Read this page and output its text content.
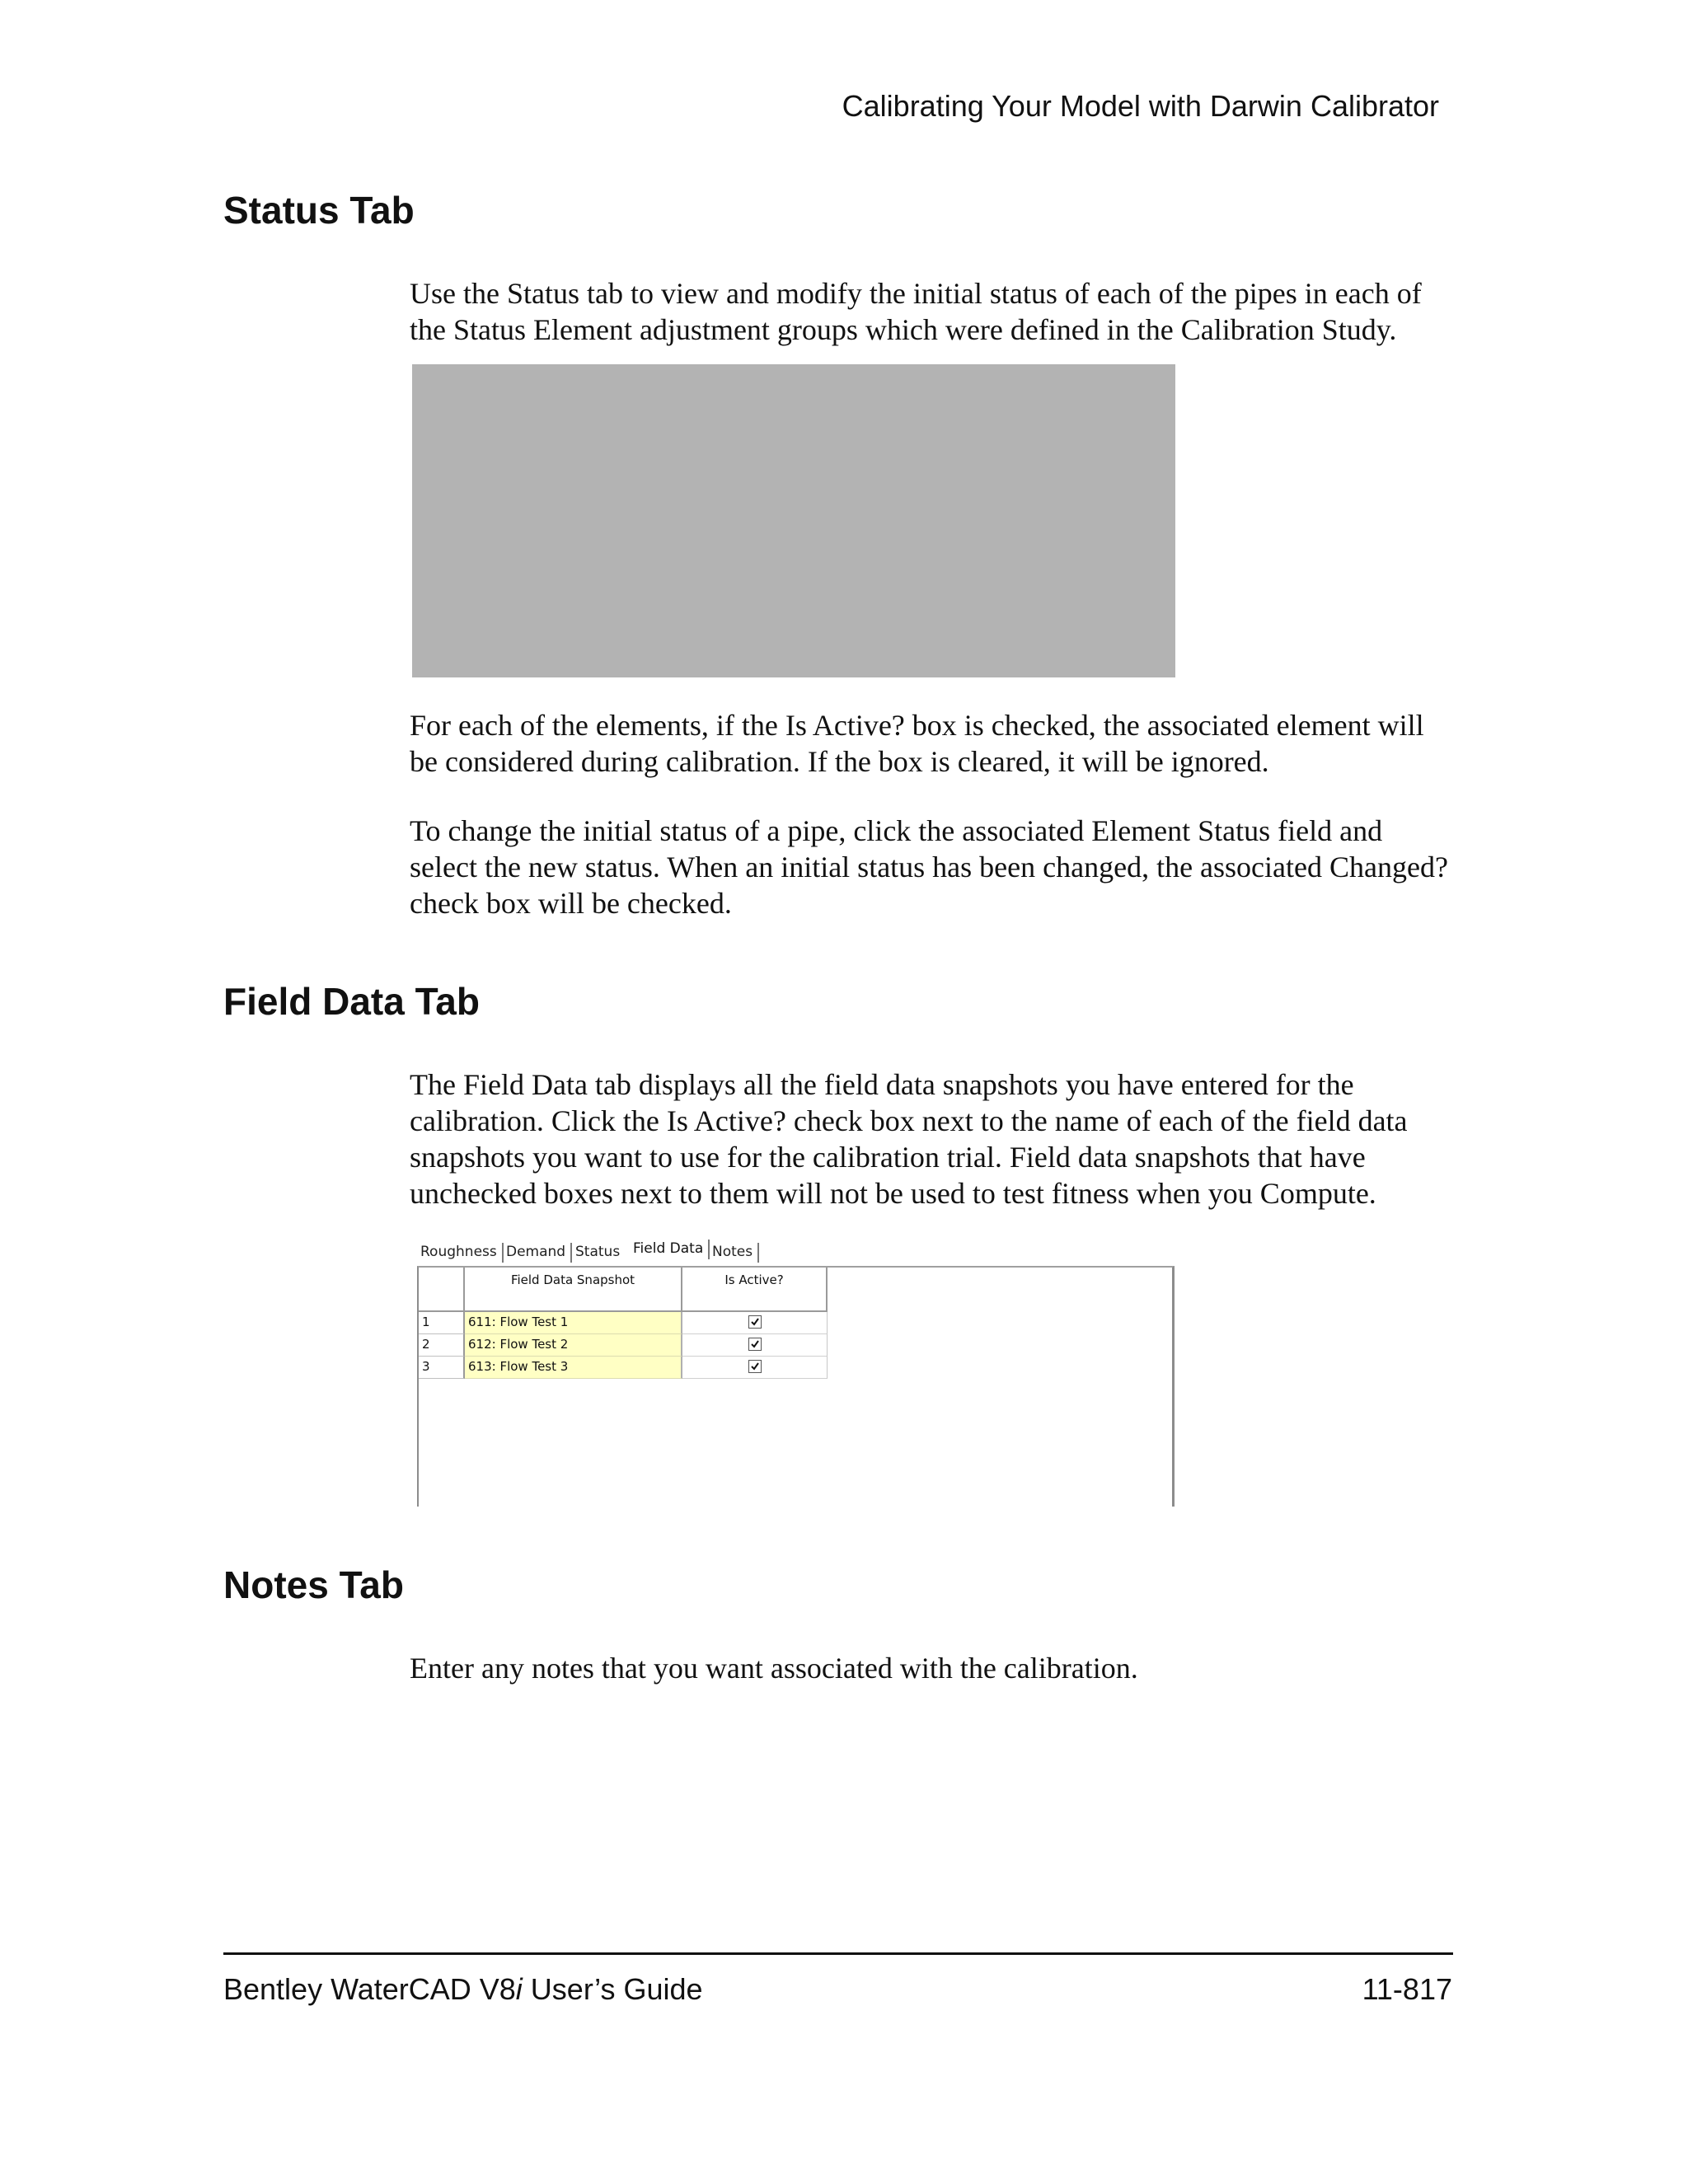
Calibrating Your Model with Darwin Calibrator
Status Tab

Use the Status tab to view and modify the initial status of each of the pipes in each of the Status Element adjustment groups which were defined in the Calibration Study.

For each of the elements, if the Is Active? box is checked, the associated element will be considered during calibration. If the box is cleared, it will be ignored.

To change the initial status of a pipe, click the associated Element Status field and select the new status. When an initial status has been changed, the associated Changed? check box will be checked.

Field Data Tab

The Field Data tab displays all the field data snapshots you have entered for the calibration. Click the Is Active? check box next to the name of each of the field data snapshots you want to use for the calibration trial. Field data snapshots that have unchecked boxes next to them will not be used to test fitness when you Compute.

Roughness Demand Status Field Data Notes
Field Data Snapshot	Is Active?
1	611: Flow Test 1
2	612: Flow Test 2
3	613: Flow Test 3
Notes Tab

Enter any notes that you want associated with the calibration.

Bentley WaterCAD V8i User’s Guide	11-817
